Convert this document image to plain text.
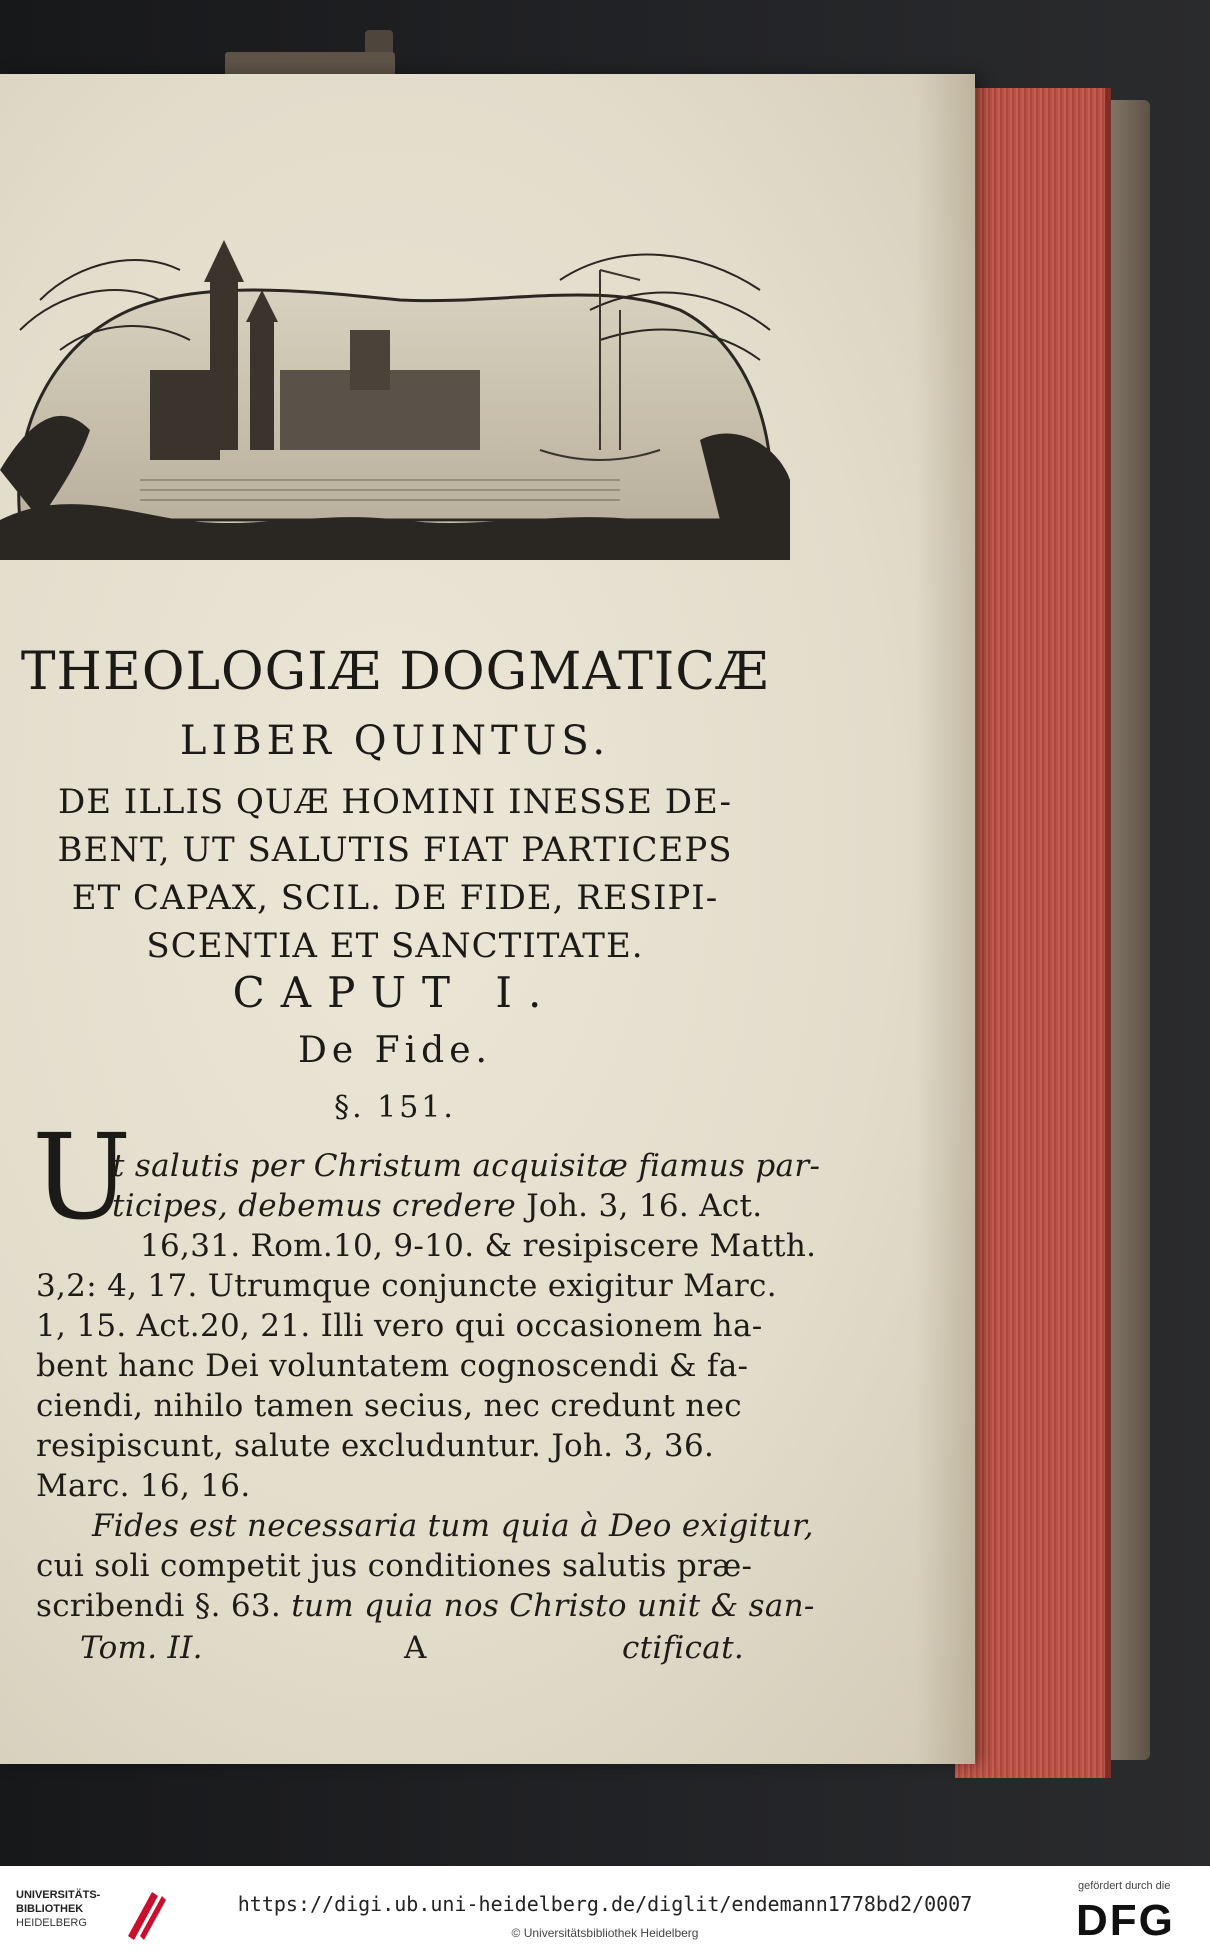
THEOLOGIÆ DOGMATICÆ
LIBER QUINTUS.
DE ILLIS QUÆ HOMINI INESSE DE-
BENT, UT SALUTIS FIAT PARTICEPS
ET CAPAX, SCIL. DE FIDE, RESIPI-
SCENTIA ET SANCTITATE.
CAPUT I.
De Fide.
§. 151.
U
t salutis per Christum acquisitæ fiamus par-
ticipes, debemus credere Joh. 3, 16. Act.
16,31. Rom.10, 9-10. & resipiscere Matth.
3,2: 4, 17. Utrumque conjuncte exigitur Marc.
1, 15. Act.20, 21. Illi vero qui occasionem ha-
bent hanc Dei voluntatem cognoscendi & fa-
ciendi, nihilo tamen secius, nec credunt nec
resipiscunt, salute excluduntur. Joh. 3, 36.
Marc. 16, 16.
Fides est necessaria tum quia à Deo exigitur,
cui soli competit jus conditiones salutis præ-
scribendi §. 63. tum quia nos Christo unit & san-
Tom. II.	A	ctificat.
UNIVERSITÄTS-
BIBLIOTHEK
HEIDELBERG
https://digi.ub.uni-heidelberg.de/diglit/endemann1778bd2/0007
© Universitätsbibliothek Heidelberg
gefördert durch die
DFG
